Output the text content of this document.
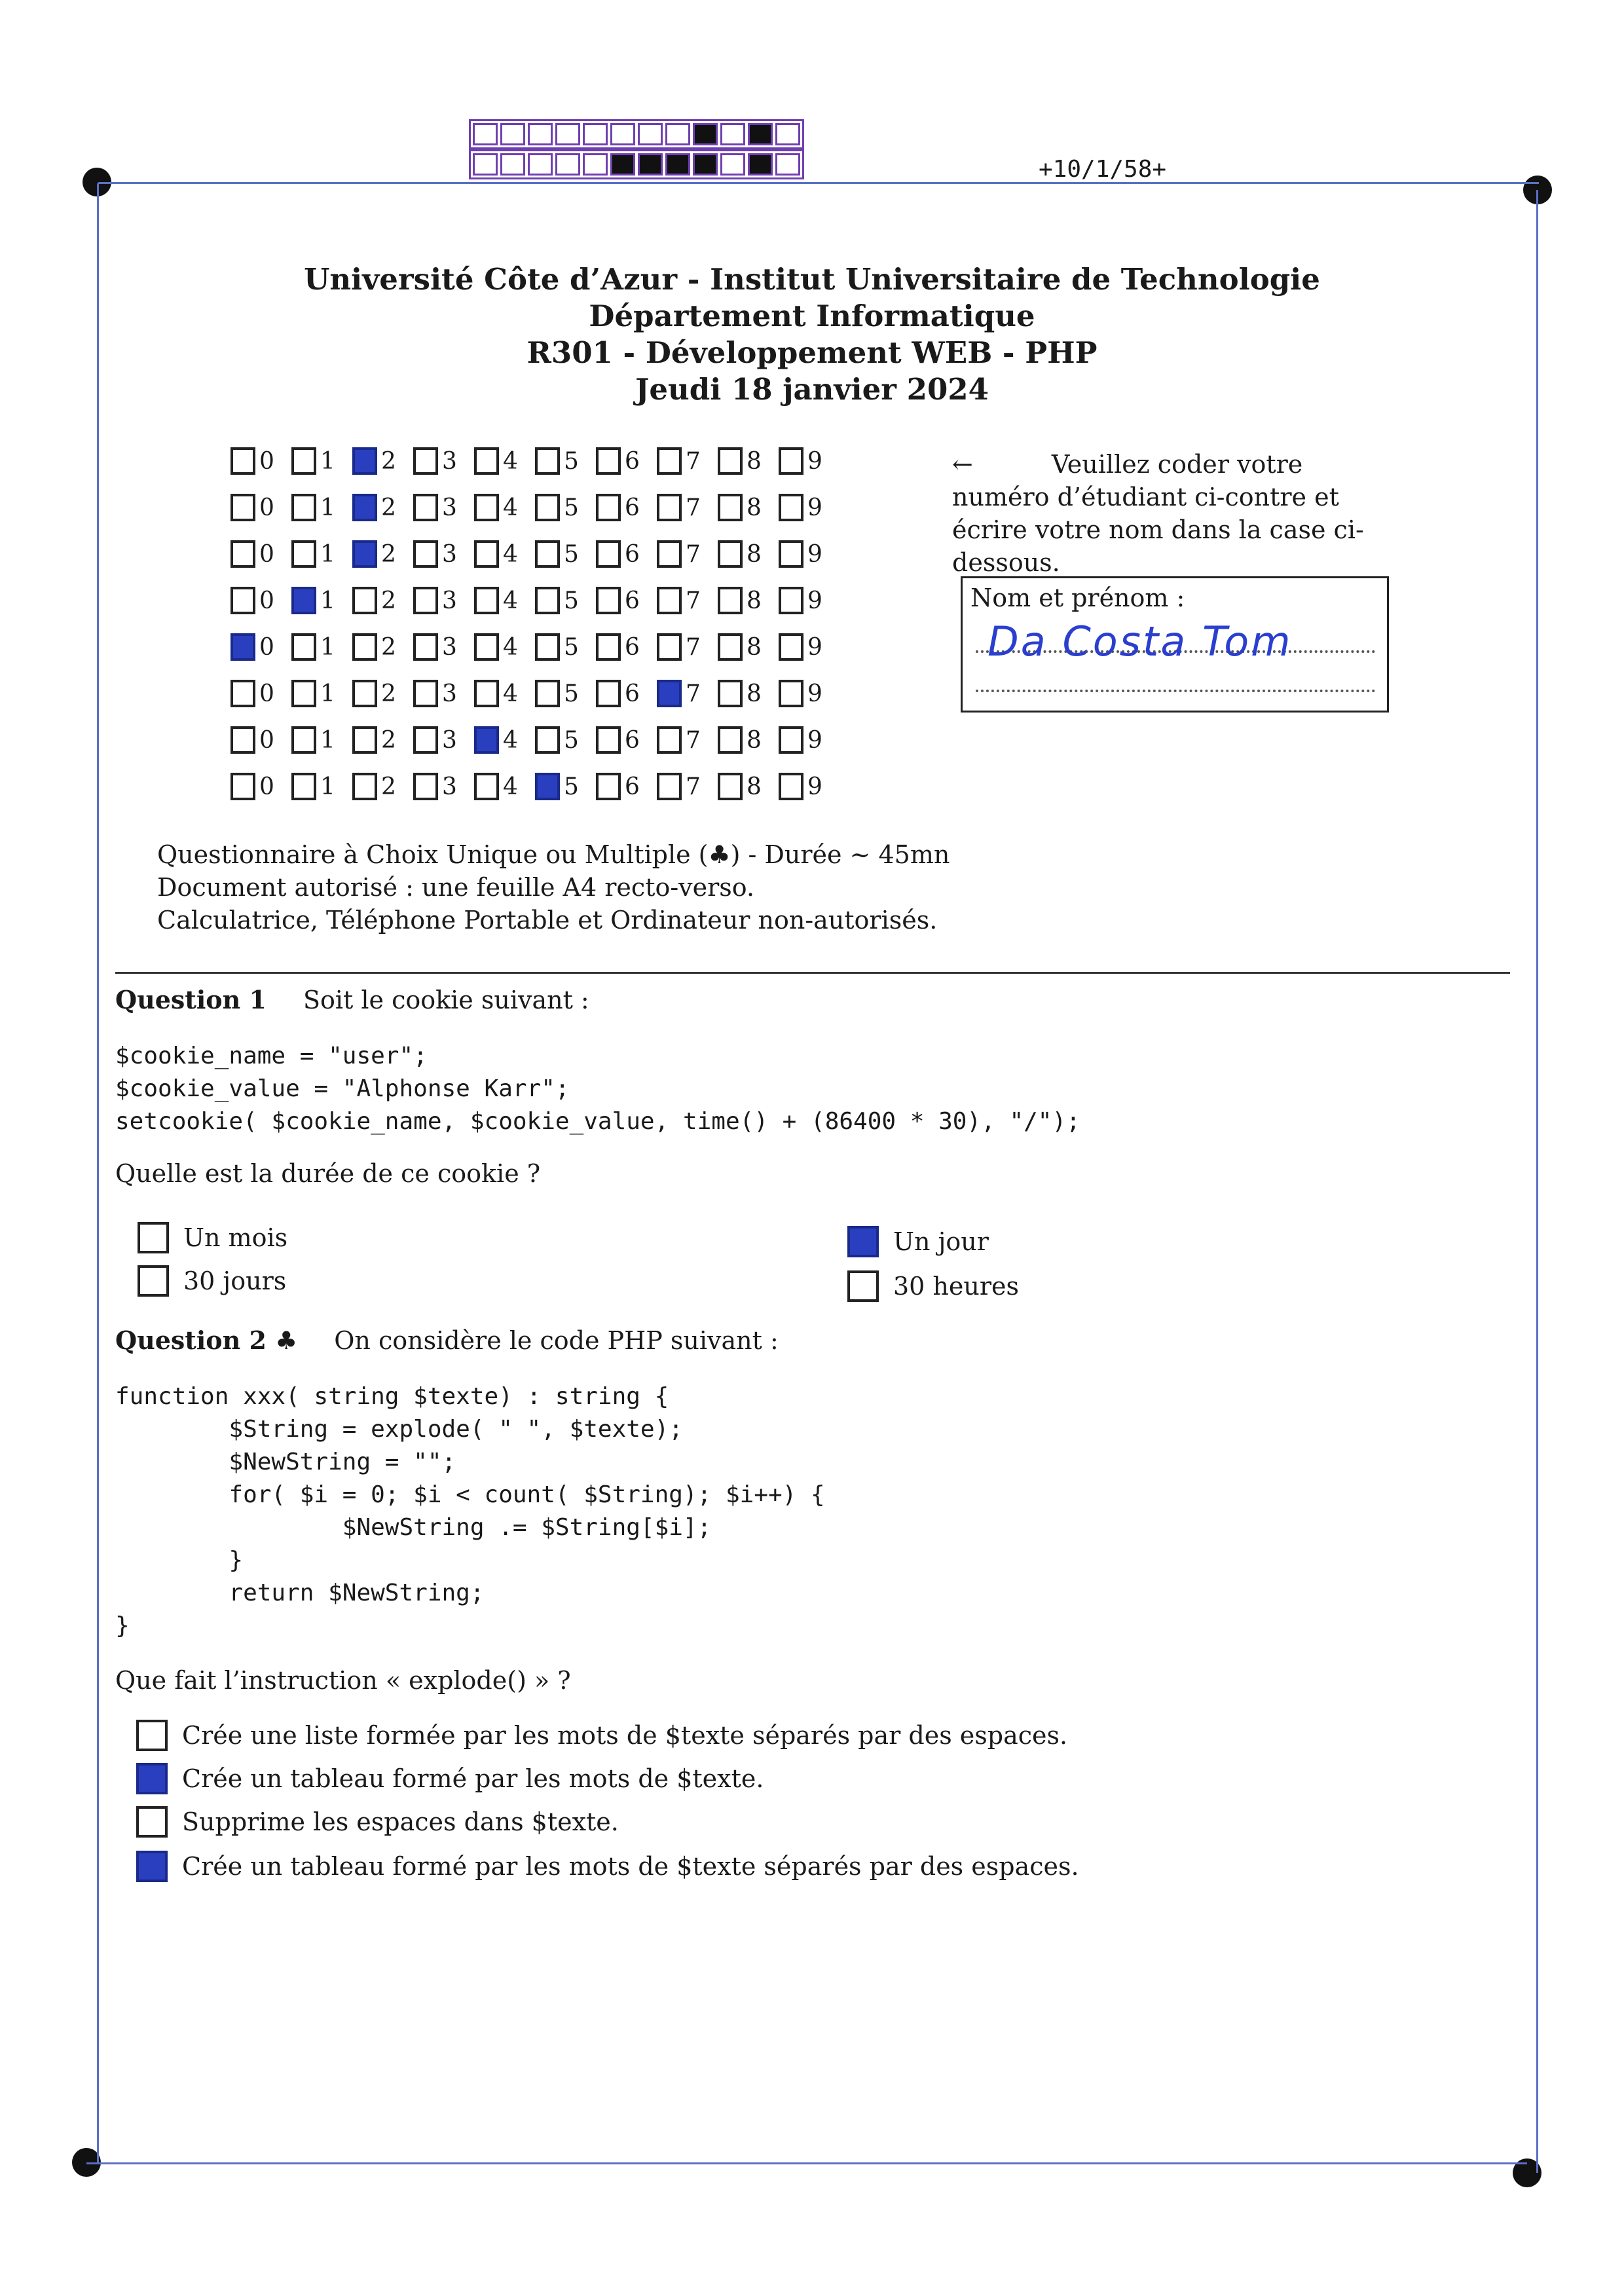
+10/1/58+
Université Côte d’Azur - Institut Universitaire de Technologie
Département Informatique
R301 - Développement WEB - PHP
Jeudi 18 janvier 2024
0 1 2 3 4 5 6 7 8 9
0 1 2 3 4 5 6 7 8 9
0 1 2 3 4 5 6 7 8 9
0 1 2 3 4 5 6 7 8 9
0 1 2 3 4 5 6 7 8 9
0 1 2 3 4 5 6 7 8 9
0 1 2 3 4 5 6 7 8 9
0 1 2 3 4 5 6 7 8 9
←	Veuillez coder votre numéro d’étudiant ci-contre et écrire votre nom dans la case ci-dessous.
Nom et prénom :
Da Costa Tom
Questionnaire à Choix Unique ou Multiple (♣) - Durée ~ 45mn
Document autorisé : une feuille A4 recto-verso.
Calculatrice, Téléphone Portable et Ordinateur non-autorisés.
Question 1 Soit le cookie suivant :
$cookie_name = "user";
$cookie_value = "Alphonse Karr";
setcookie( $cookie_name, $cookie_value, time() + (86400 * 30), "/");
Quelle est la durée de ce cookie ?
Un mois
30 jours
Un jour
30 heures
Question 2 ♣ On considère le code PHP suivant :
function xxx( string $texte) : string {
$String = explode( " ", $texte);
$NewString = "";
for( $i = 0; $i < count( $String); $i++) {
$NewString .= $String[$i];
}
return $NewString;
}
Que fait l’instruction « explode() » ?
Crée une liste formée par les mots de $texte séparés par des espaces.
Crée un tableau formé par les mots de $texte.
Supprime les espaces dans $texte.
Crée un tableau formé par les mots de $texte séparés par des espaces.
